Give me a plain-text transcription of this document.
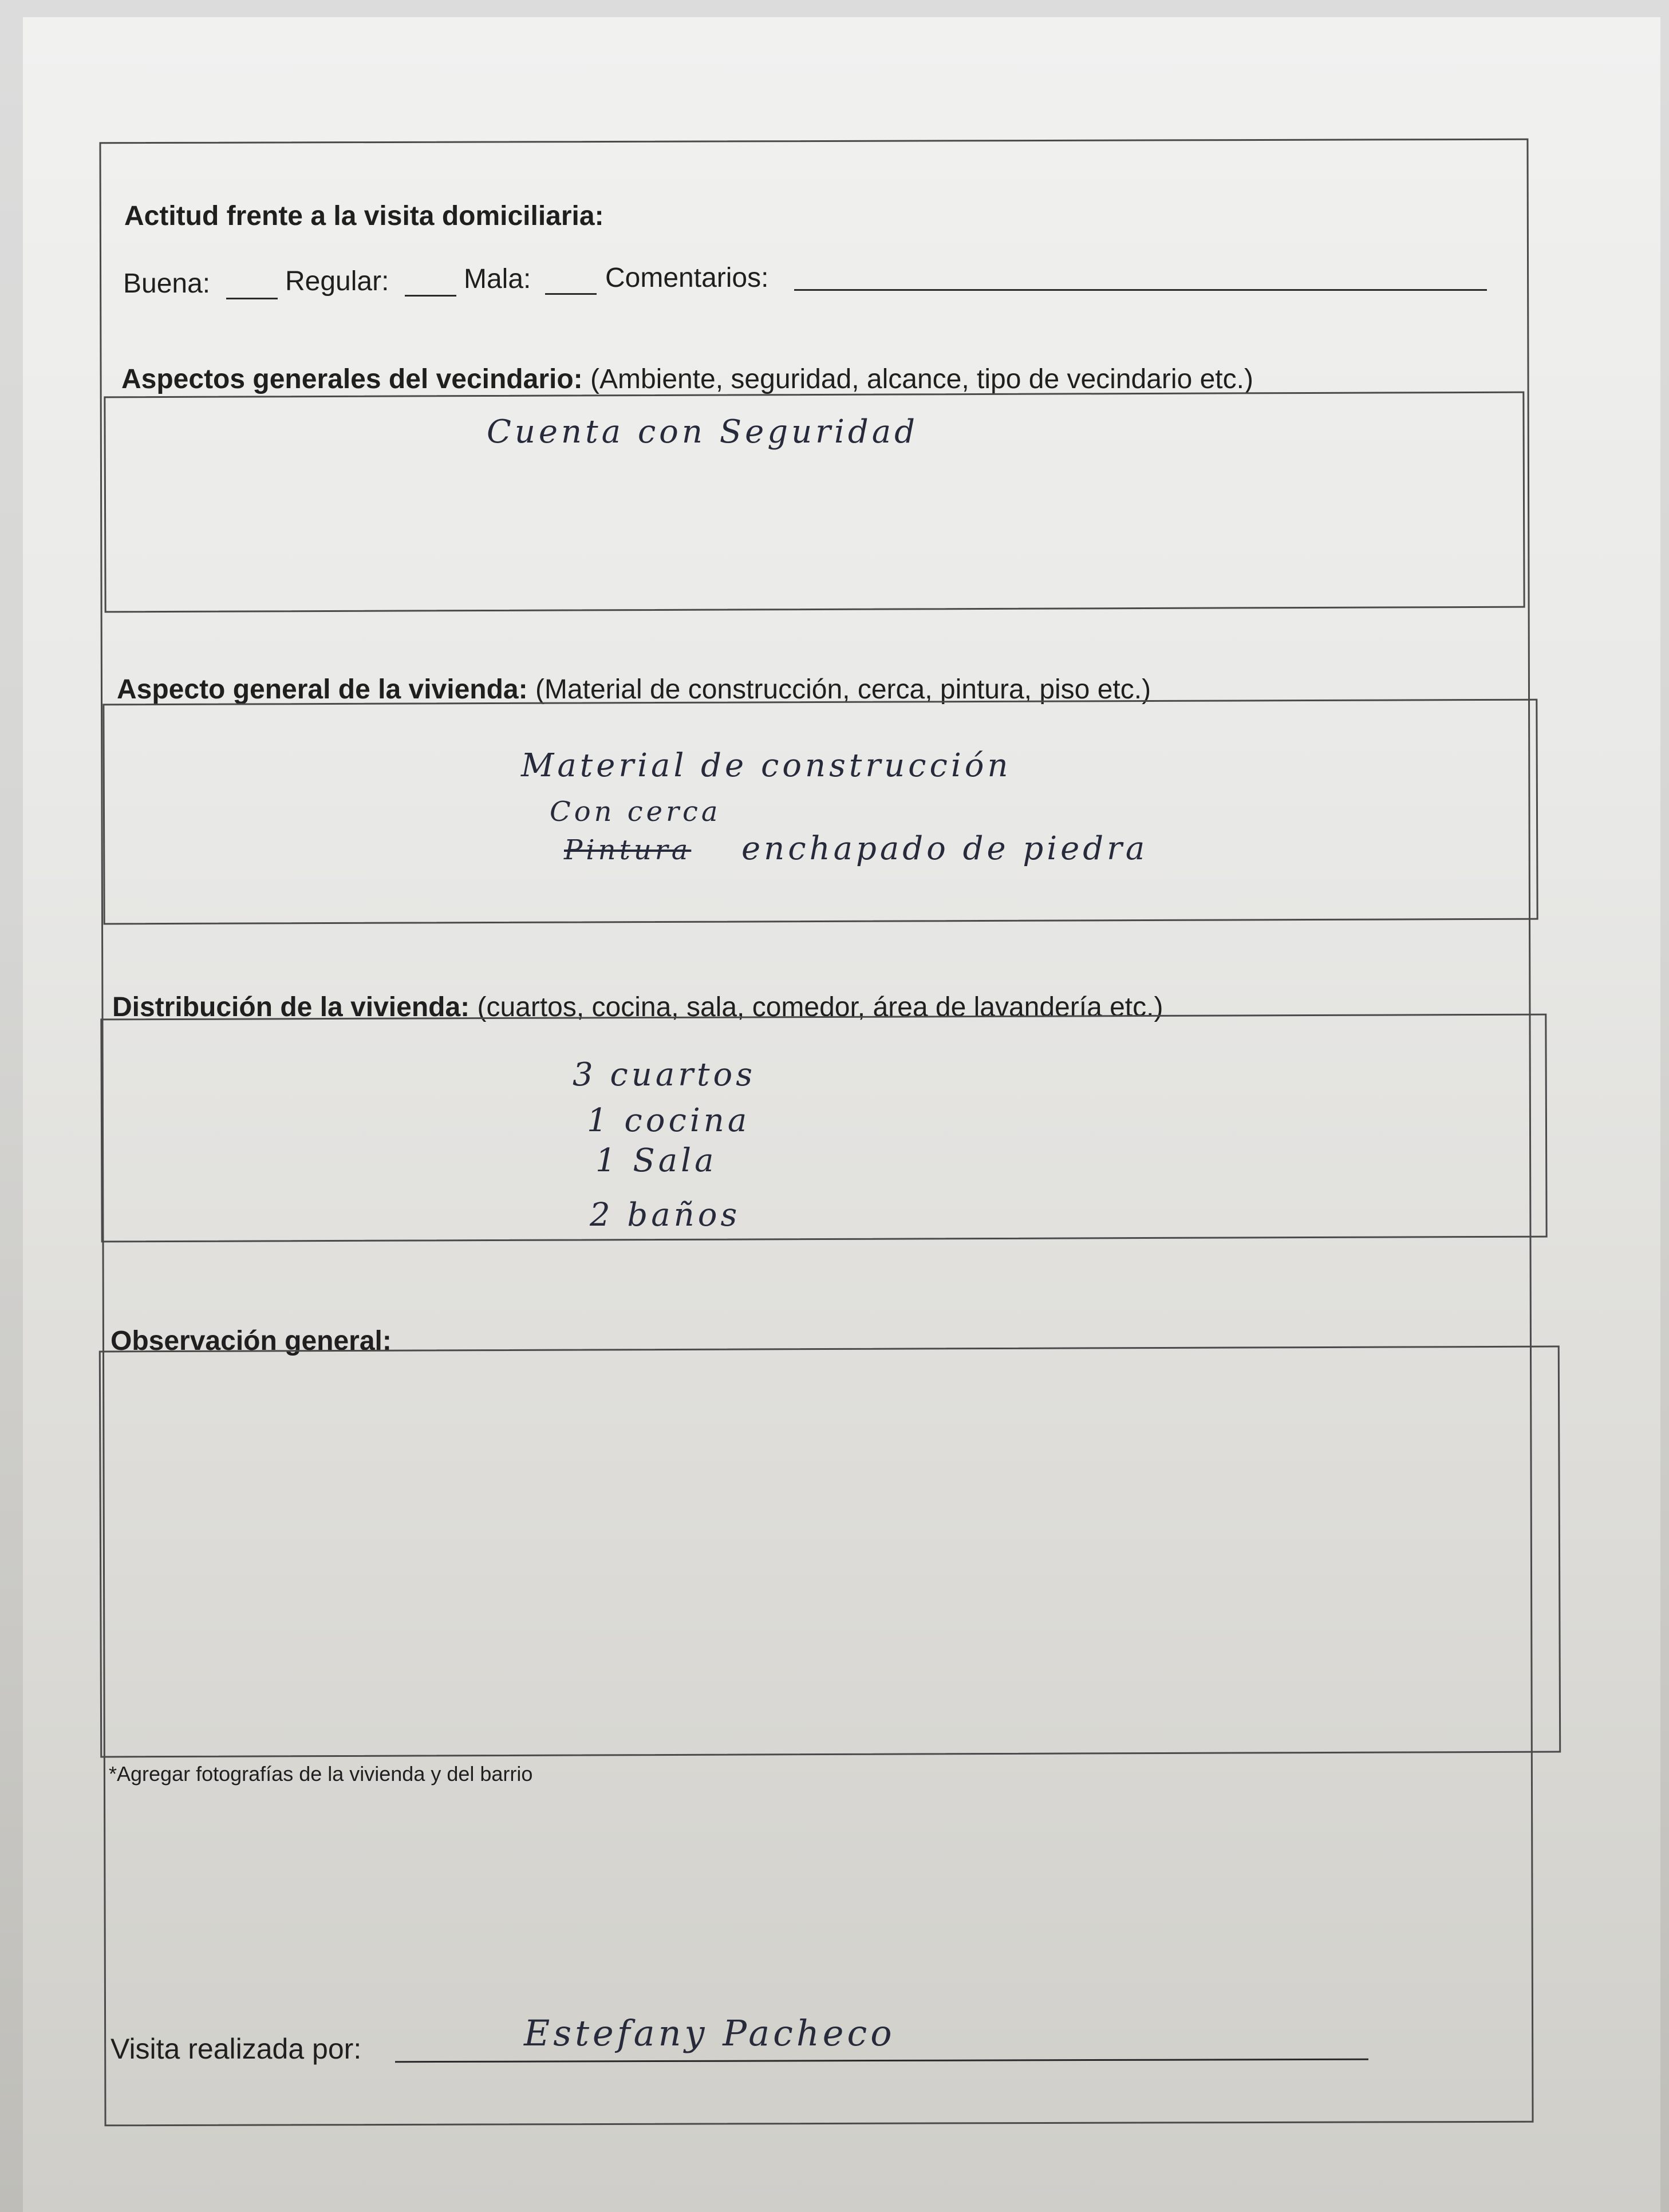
Actitud frente a la visita domiciliaria:
Buena:	Regular:	Mala:	Comentarios:
Aspectos generales del vecindario: (Ambiente, seguridad, alcance, tipo de vecindario etc.)
Cuenta con Seguridad
Aspecto general de la vivienda: (Material de construcción, cerca, pintura, piso etc.)
Material de construcción
Con cerca
Pintura enchapado de piedra
Distribución de la vivienda: (cuartos, cocina, sala, comedor, área de lavandería etc.)
3 cuartos
1 cocina
1 Sala
2 baños
Observación general:
*Agregar fotografías de la vivienda y del barrio
Visita realizada por:	Estefany Pacheco
